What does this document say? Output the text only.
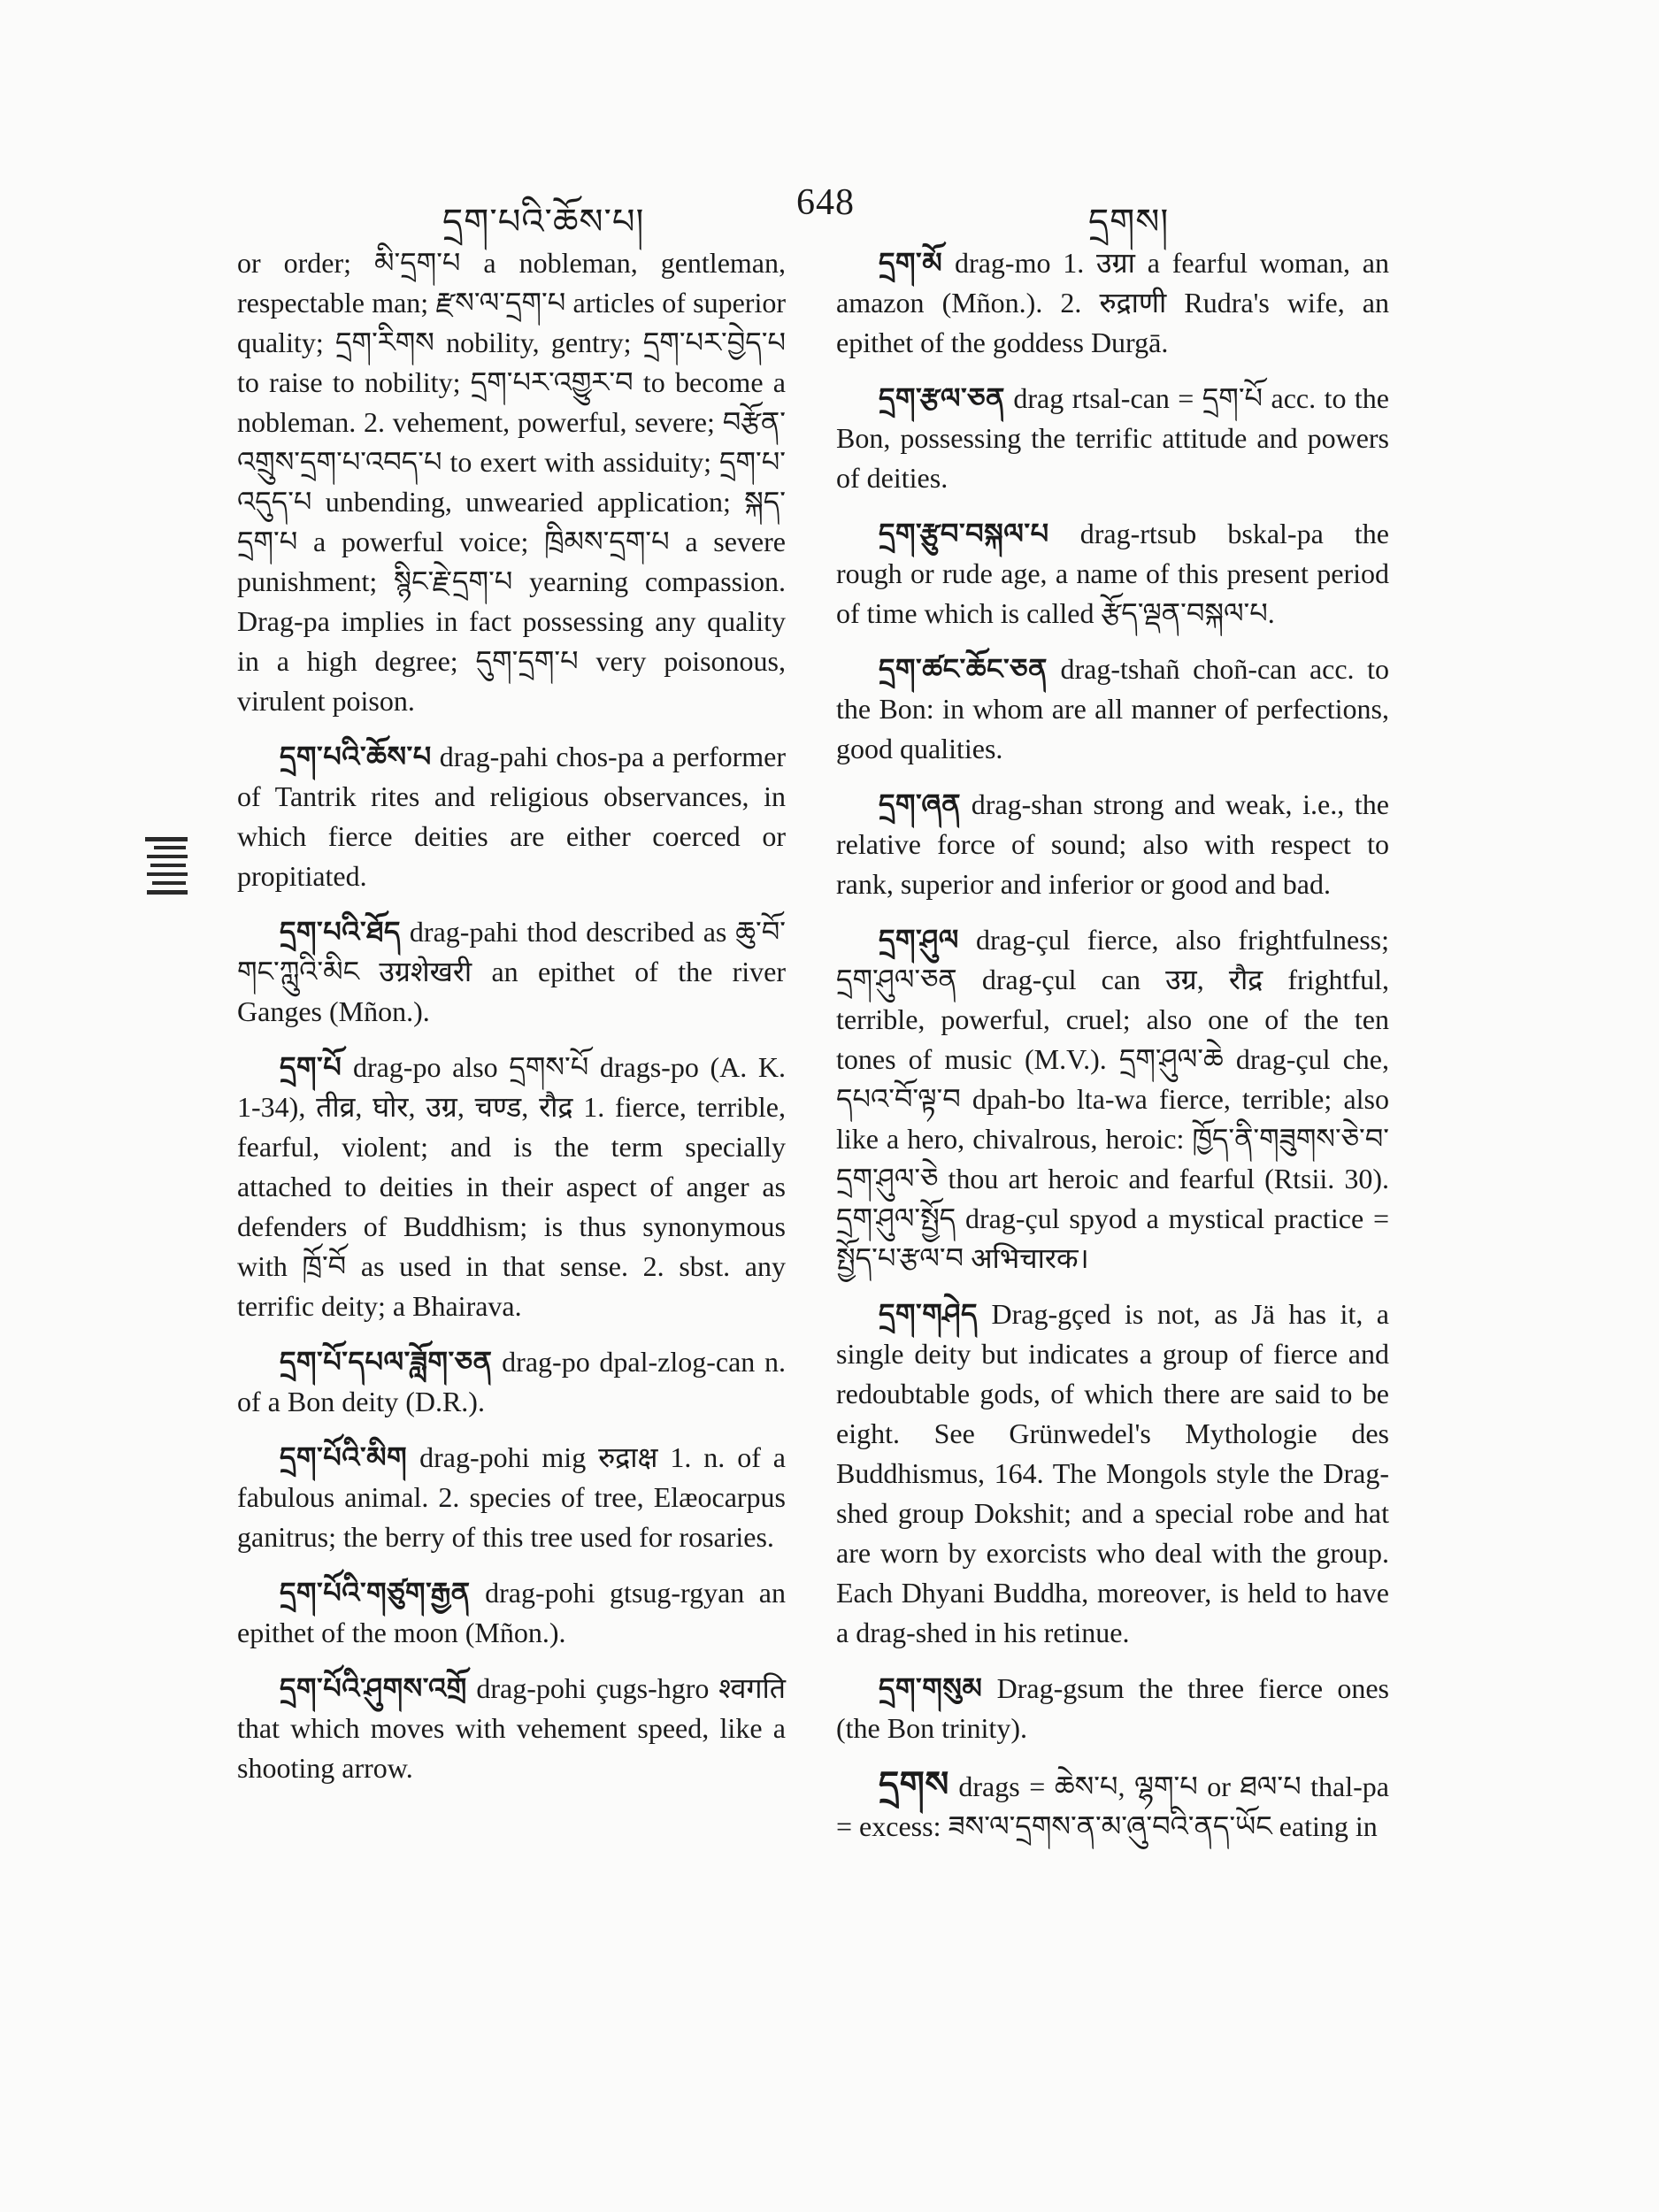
དྲག་པའི་ཆོས་པ།	648	དྲགས།

or order; མི་དྲག་པ a nobleman, gentleman, respectable man; རྫས་ལ་དྲག་པ articles of superior quality; དྲག་རིགས nobility, gentry; དྲག་པར་བྱེད་པ to raise to nobility; དྲག་པར་འགྱུར་བ to become a nobleman. 2. vehement, powerful, severe; བརྩོན་འགྲུས་དྲག་པ་འབད་པ to exert with assiduity; དྲག་པ་འདུད་པ unbending, unwearied application; སྐད་དྲག་པ a powerful voice; ཁྲིམས་དྲག་པ a severe punishment; སྙིང་རྗེ་དྲག་པ yearning compassion. Drag-pa implies in fact possessing any quality in a high degree; དུག་དྲག་པ very poisonous, virulent poison.

དྲག་པའི་ཆོས་པ drag-pahi chos-pa a performer of Tantrik rites and religious observances, in which fierce deities are either coerced or propitiated.

དྲག་པའི་ཐོད drag-pahi thod described as ཆུ་བོ་གང་ཀླུའི་མིང उग्रशेखरी an epithet of the river Ganges (Mñon.).

དྲག་པོ drag-po also དྲགས་པོ drags-po (A. K. 1-34), तीव्र, घोर, उग्र, चण्ड, रौद्र 1. fierce, terrible, fearful, violent; and is the term specially attached to deities in their aspect of anger as defenders of Buddhism; is thus synonymous with ཁྲོ་བོ as used in that sense. 2. sbst. any terrific deity; a Bhairava.

དྲག་པོ་དཔལ་ཟློག་ཅན drag-po dpal-zlog-can n. of a Bon deity (D.R.).

དྲག་པོའི་མིག drag-pohi mig रुद्राक्ष 1. n. of a fabulous animal. 2. species of tree, Elæocarpus ganitrus; the berry of this tree used for rosaries.

དྲག་པོའི་གཙུག་རྒྱན drag-pohi gtsug-rgyan an epithet of the moon (Mñon.).

དྲག་པོའི་ཤུགས་འགྲོ drag-pohi çugs-hgro श्वगति that which moves with vehement speed, like a shooting arrow.

དྲག་མོ drag-mo 1. उग्रा a fearful woman, an amazon (Mñon.). 2. रुद्राणी Rudra's wife, an epithet of the goddess Durgā.

དྲག་རྩལ་ཅན drag rtsal-can = དྲག་པོ acc. to the Bon, possessing the terrific attitude and powers of deities.

དྲག་རྩུབ་བསྐལ་པ drag-rtsub bskal-pa the rough or rude age, a name of this present period of time which is called རྩོད་ལྡན་བསྐལ་པ.

དྲག་ཚང་ཆོང་ཅན drag-tshañ choñ-can acc. to the Bon: in whom are all manner of perfections, good qualities.

དྲག་ཞན drag-shan strong and weak, i.e., the relative force of sound; also with respect to rank, superior and inferior or good and bad.

དྲག་ཤུལ drag-çul fierce, also frightfulness; དྲག་ཤུལ་ཅན drag-çul can उग्र, रौद्र frightful, terrible, powerful, cruel; also one of the ten tones of music (M.V.). དྲག་ཤུལ་ཆེ drag-çul che, དཔའ་བོ་ལྟ་བ dpah-bo lta-wa fierce, terrible; also like a hero, chivalrous, heroic: ཁྱོད་ནི་གཟུགས་ཅེ་བ་དྲག་ཤུལ་ཅེ thou art heroic and fearful (Rtsii. 30). དྲག་ཤུལ་སྤྱོད drag-çul spyod a mystical practice = སྤྱོད་པ་རྩལ་བ अभिचारक।

དྲག་གཤེད Drag-gçed is not, as Jä has it, a single deity but indicates a group of fierce and redoubtable gods, of which there are said to be eight. See Grünwedel's Mythologie des Buddhismus, 164. The Mongols style the Drag-shed group Dokshit; and a special robe and hat are worn by exorcists who deal with the group. Each Dhyani Buddha, moreover, is held to have a drag-shed in his retinue.

དྲག་གསུམ Drag-gsum the three fierce ones (the Bon trinity).

དྲགས drags = ཆེས་པ, ལྷག་པ or ཐལ་པ thal-pa = excess: ཟས་ལ་དྲགས་ན་མ་ཞུ་བའི་ནད་ཡོང eating in
